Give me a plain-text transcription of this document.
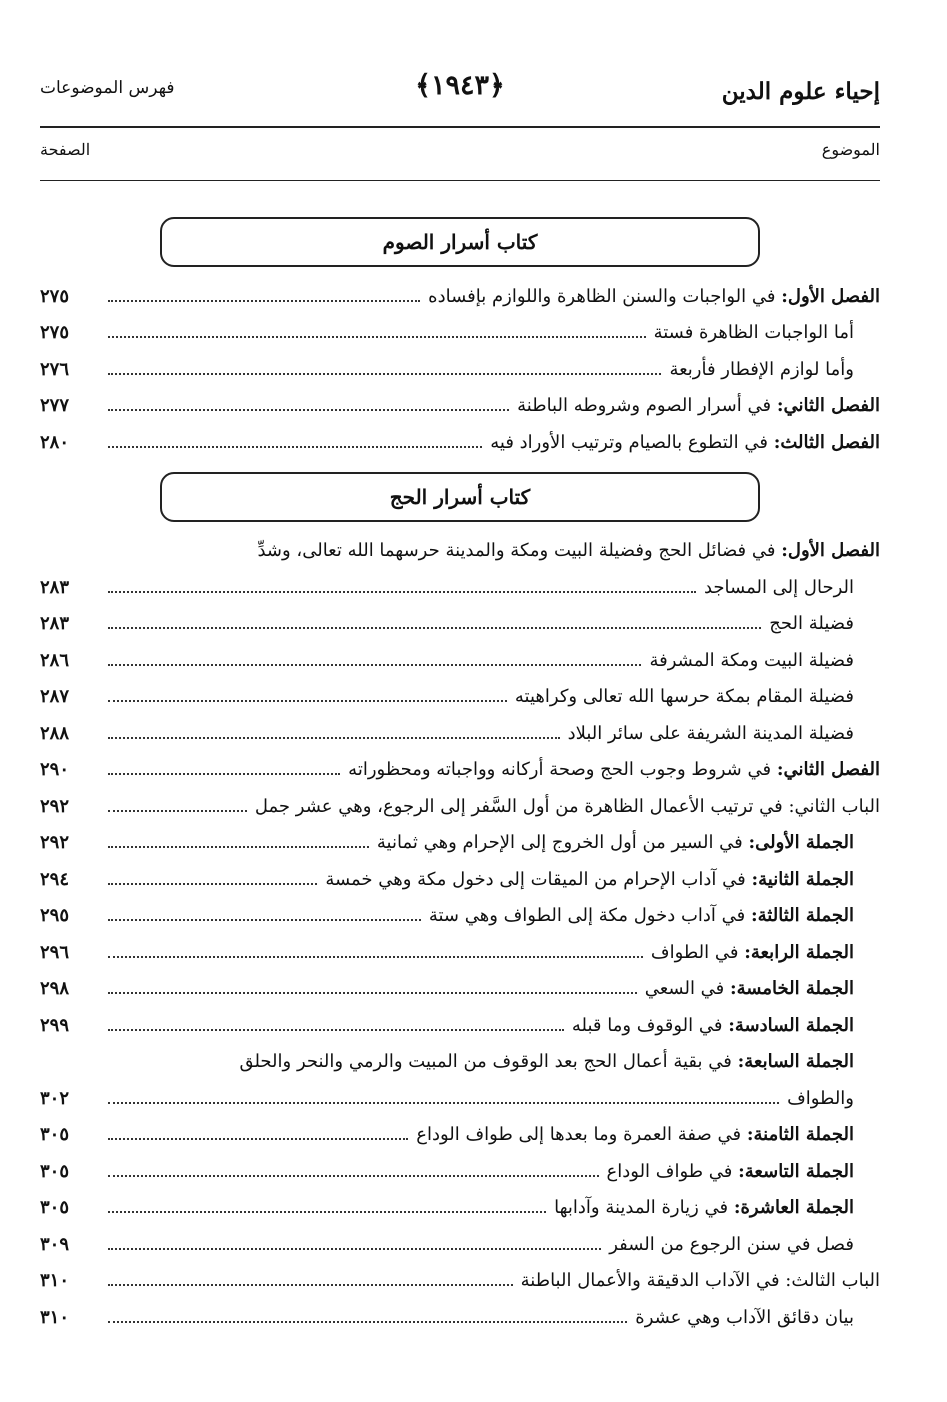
إحياء علوم الدين
﴿١٩٤٣﴾
فهرس الموضوعات
الموضوع
الصفحة
كتاب أسرار الصوم
الفصل الأول:

في الواجبات والسنن الظاهرة واللوازم بإفساده
٢٧٥
أما الواجبات الظاهرة فستة
٢٧٥
وأما لوازم الإفطار فأربعة
٢٧٦
الفصل الثاني:

في أسرار الصوم وشروطه الباطنة
٢٧٧
الفصل الثالث:

في التطوع بالصيام وترتيب الأوراد فيه
٢٨٠
كتاب أسرار الحج
الفصل الأول:

في فضائل الحج وفضيلة البيت ومكة والمدينة حرسهما الله تعالى، وشدِّ
الرحال إلى المساجد
٢٨٣
فضيلة الحج
٢٨٣
فضيلة البيت ومكة المشرفة
٢٨٦
فضيلة المقام بمكة حرسها الله تعالى وكراهيته
٢٨٧
فضيلة المدينة الشريفة على سائر البلاد
٢٨٨
الفصل الثاني:

في شروط وجوب الحج وصحة أركانه وواجباته ومحظوراته
٢٩٠
الباب الثاني: في ترتيب الأعمال الظاهرة من أول السَّفر إلى الرجوع، وهي عشر جمل
٢٩٢
الجملة الأولى:

في السير من أول الخروج إلى الإحرام وهي ثمانية
٢٩٢
الجملة الثانية:

في آداب الإحرام من الميقات إلى دخول مكة وهي خمسة
٢٩٤
الجملة الثالثة:

في آداب دخول مكة إلى الطواف وهي ستة
٢٩٥
الجملة الرابعة:

في الطواف
٢٩٦
الجملة الخامسة:

في السعي
٢٩٨
الجملة السادسة:

في الوقوف وما قبله
٢٩٩
الجملة السابعة:

في بقية أعمال الحج بعد الوقوف من المبيت والرمي والنحر والحلق
والطواف
٣٠٢
الجملة الثامنة:

في صفة العمرة وما بعدها إلى طواف الوداع
٣٠٥
الجملة التاسعة:

في طواف الوداع
٣٠٥
الجملة العاشرة:

في زيارة المدينة وآدابها
٣٠٥
فصل في سنن الرجوع من السفر
٣٠٩
الباب الثالث: في الآداب الدقيقة والأعمال الباطنة
٣١٠
بيان دقائق الآداب وهي عشرة
٣١٠
